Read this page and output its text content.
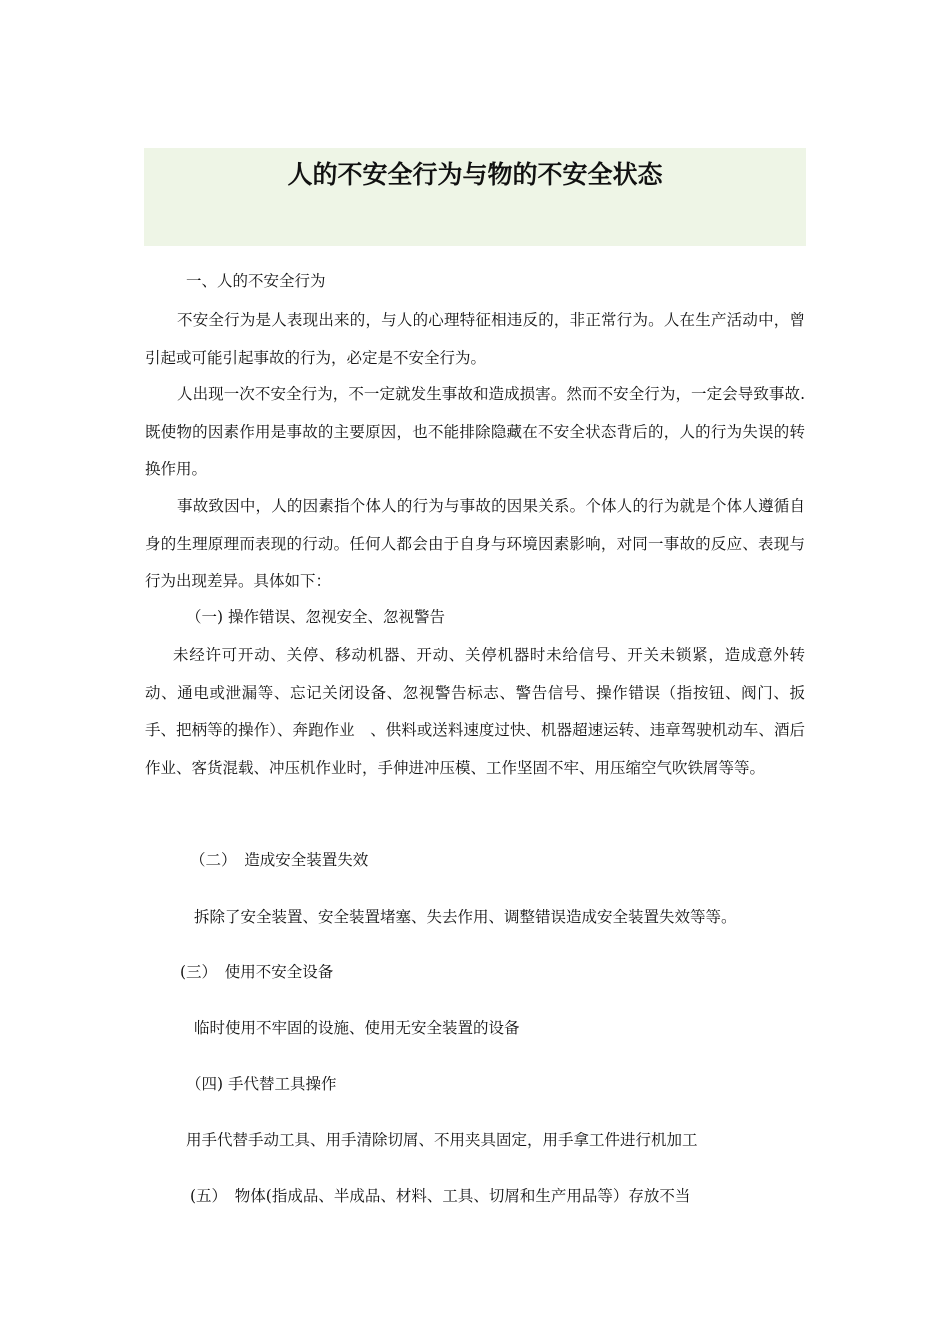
人的不安全行为与物的不安全状态
一、人的不安全行为
不安全行为是人表现出来的，与人的心理特征相违反的，非正常行为。人在生产活动中，曾引起或可能引起事故的行为，必定是不安全行为。
人出现一次不安全行为，不一定就发生事故和造成损害。然而不安全行为，一定会导致事故.既使物的因素作用是事故的主要原因，也不能排除隐藏在不安全状态背后的，人的行为失误的转换作用。
事故致因中，人的因素指个体人的行为与事故的因果关系。个体人的行为就是个体人遵循自身的生理原理而表现的行动。任何人都会由于自身与环境因素影响，对同一事故的反应、表现与行为出现差异。具体如下：
（一) 操作错误、忽视安全、忽视警告
未经许可开动、关停、移动机器、开动、关停机器时未给信号、开关未锁紧，造成意外转动、通电或泄漏等、忘记关闭设备、忽视警告标志、警告信号、操作错误（指按钮、阀门、扳手、把柄等的操作）、奔跑作业　、供料或送料速度过快、机器超速运转、违章驾驶机动车、酒后作业、客货混载、冲压机作业时，手伸进冲压模、工作坚固不牢、用压缩空气吹铁屑等等。
（二）　造成安全装置失效
拆除了安全装置、安全装置堵塞、失去作用、调整错误造成安全装置失效等等。
(三）　使用不安全设备
临时使用不牢固的设施、使用无安全装置的设备
（四) 手代替工具操作
用手代替手动工具、用手清除切屑、不用夹具固定，用手拿工件进行机加工
(五）　物体(指成品、半成品、材料、工具、切屑和生产用品等）存放不当
